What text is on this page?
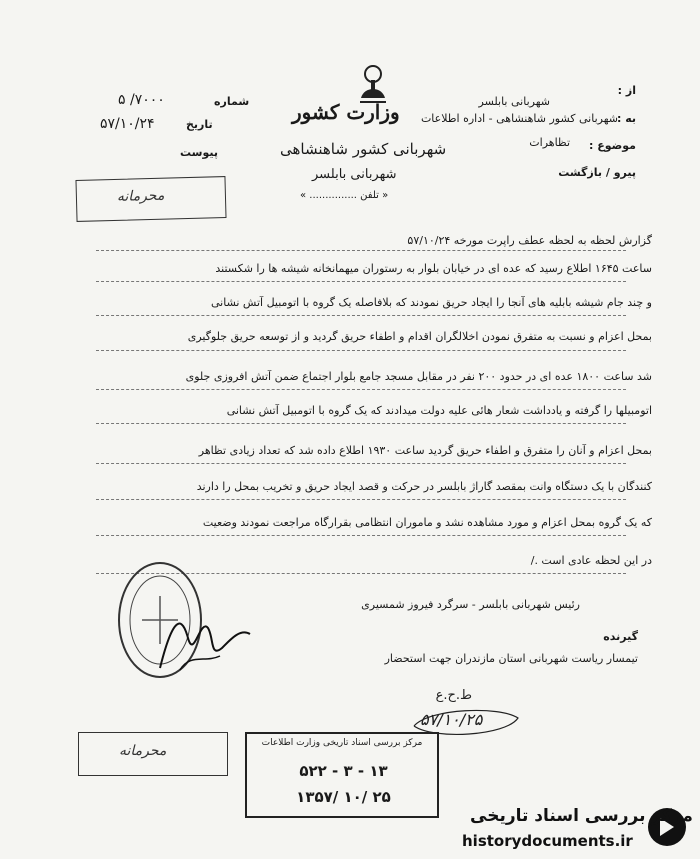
از :
شهربانی بابلسر
به :
شهربانی کشور شاهنشاهی - اداره اطلاعات
موضوع :
تظاهرات
پیرو / بازگشت
وزارت کشور
شهربانی کشور شاهنشاهی
شهربانی بابلسر
« تلفن ............... »
شماره
۷۰۰۰/ ۵
تاریخ
۵۷/۱۰/۲۴
پیوست
محرمانه
محرمانه
گزارش لحظه به لحظه عطف راپرت مورخه ۵۷/۱۰/۲۴
ساعت ۱۶۴۵ اطلاع رسید که عده ای در خیابان بلوار به رستوران میهمانخانه شیشه ها را شکستند
و چند جام شیشه بابلیه های آنجا را ایجاد حریق نمودند که بلافاصله یک گروه با اتومبیل آتش نشانی
بمحل اعزام و نسبت به متفرق نمودن اخلالگران اقدام و اطفاء حریق گردید و از توسعه حریق جلوگیری
شد ساعت ۱۸۰۰ عده ای در حدود ۲۰۰ نفر در مقابل مسجد جامع بلوار اجتماع ضمن آتش افروزی جلوی
اتومبیلها را گرفته و یادداشت شعار هائی علیه دولت میدادند که یک گروه با اتومبیل آتش نشانی
بمحل اعزام و آنان را متفرق و اطفاء حریق گردید ساعت ۱۹۳۰ اطلاع داده شد که تعداد زیادی تظاهر
کنندگان با یک دستگاه وانت بمقصد گاراژ بابلسر در حرکت و قصد ایجاد حریق و تخریب بمحل را دارند
که یک گروه بمحل اعزام و مورد مشاهده نشد و ماموران انتظامی بقرارگاه مراجعت نمودند وضعیت
در این لحظه عادی است ./
رئیس شهربانی بابلسر - سرگرد فیروز شمسیری
گیرنده
تیمسار ریاست شهربانی استان مازندران جهت استحضار
ط.ح.ع
۵۷/۱۰/۲۵
مرکز بررسی اسناد تاریخی وزارت اطلاعات
۵۲۲ - ۳ - ۱۳
۱۳۵۷/ ۱۰/ ۲۵
مرکز بررسی اسناد تاریخی
historydocuments.ir
